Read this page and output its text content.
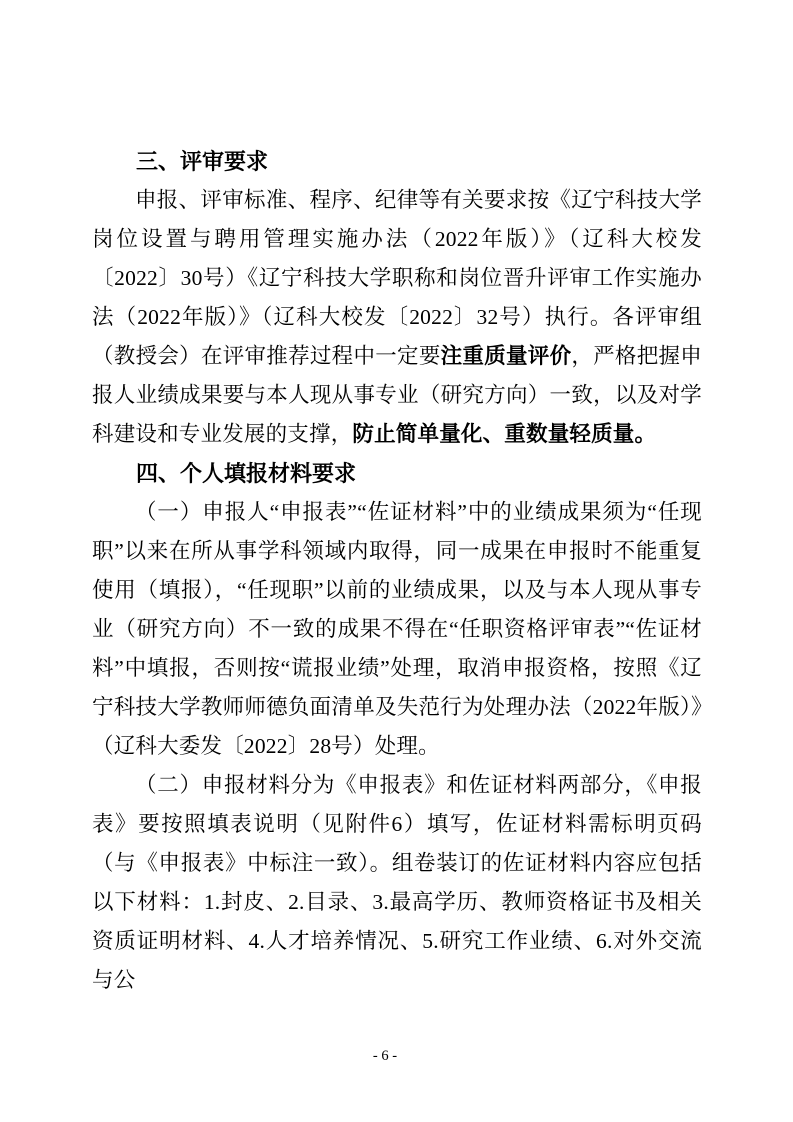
三、评审要求
申报、评审标准、程序、纪律等有关要求按《辽宁科技大学岗位设置与聘用管理实施办法（2022年版）》（辽科大校发〔2022〕30号）《辽宁科技大学职称和岗位晋升评审工作实施办法（2022年版）》（辽科大校发〔2022〕32号）执行。各评审组（教授会）在评审推荐过程中一定要注重质量评价，严格把握申报人业绩成果要与本人现从事专业（研究方向）一致，以及对学科建设和专业发展的支撑，防止简单量化、重数量轻质量。
四、个人填报材料要求
（一）申报人“申报表”“佐证材料”中的业绩成果须为“任现职”以来在所从事学科领域内取得，同一成果在申报时不能重复使用（填报），“任现职”以前的业绩成果，以及与本人现从事专业（研究方向）不一致的成果不得在“任职资格评审表”“佐证材料”中填报，否则按“谎报业绩”处理，取消申报资格，按照《辽宁科技大学教师师德负面清单及失范行为处理办法（2022年版）》（辽科大委发〔2022〕28号）处理。
（二）申报材料分为《申报表》和佐证材料两部分，《申报表》要按照填表说明（见附件6）填写，佐证材料需标明页码（与《申报表》中标注一致）。组卷装订的佐证材料内容应包括以下材料：1.封皮、2.目录、3.最高学历、教师资格证书及相关资质证明材料、4.人才培养情况、5.研究工作业绩、6.对外交流与公
- 6 -
